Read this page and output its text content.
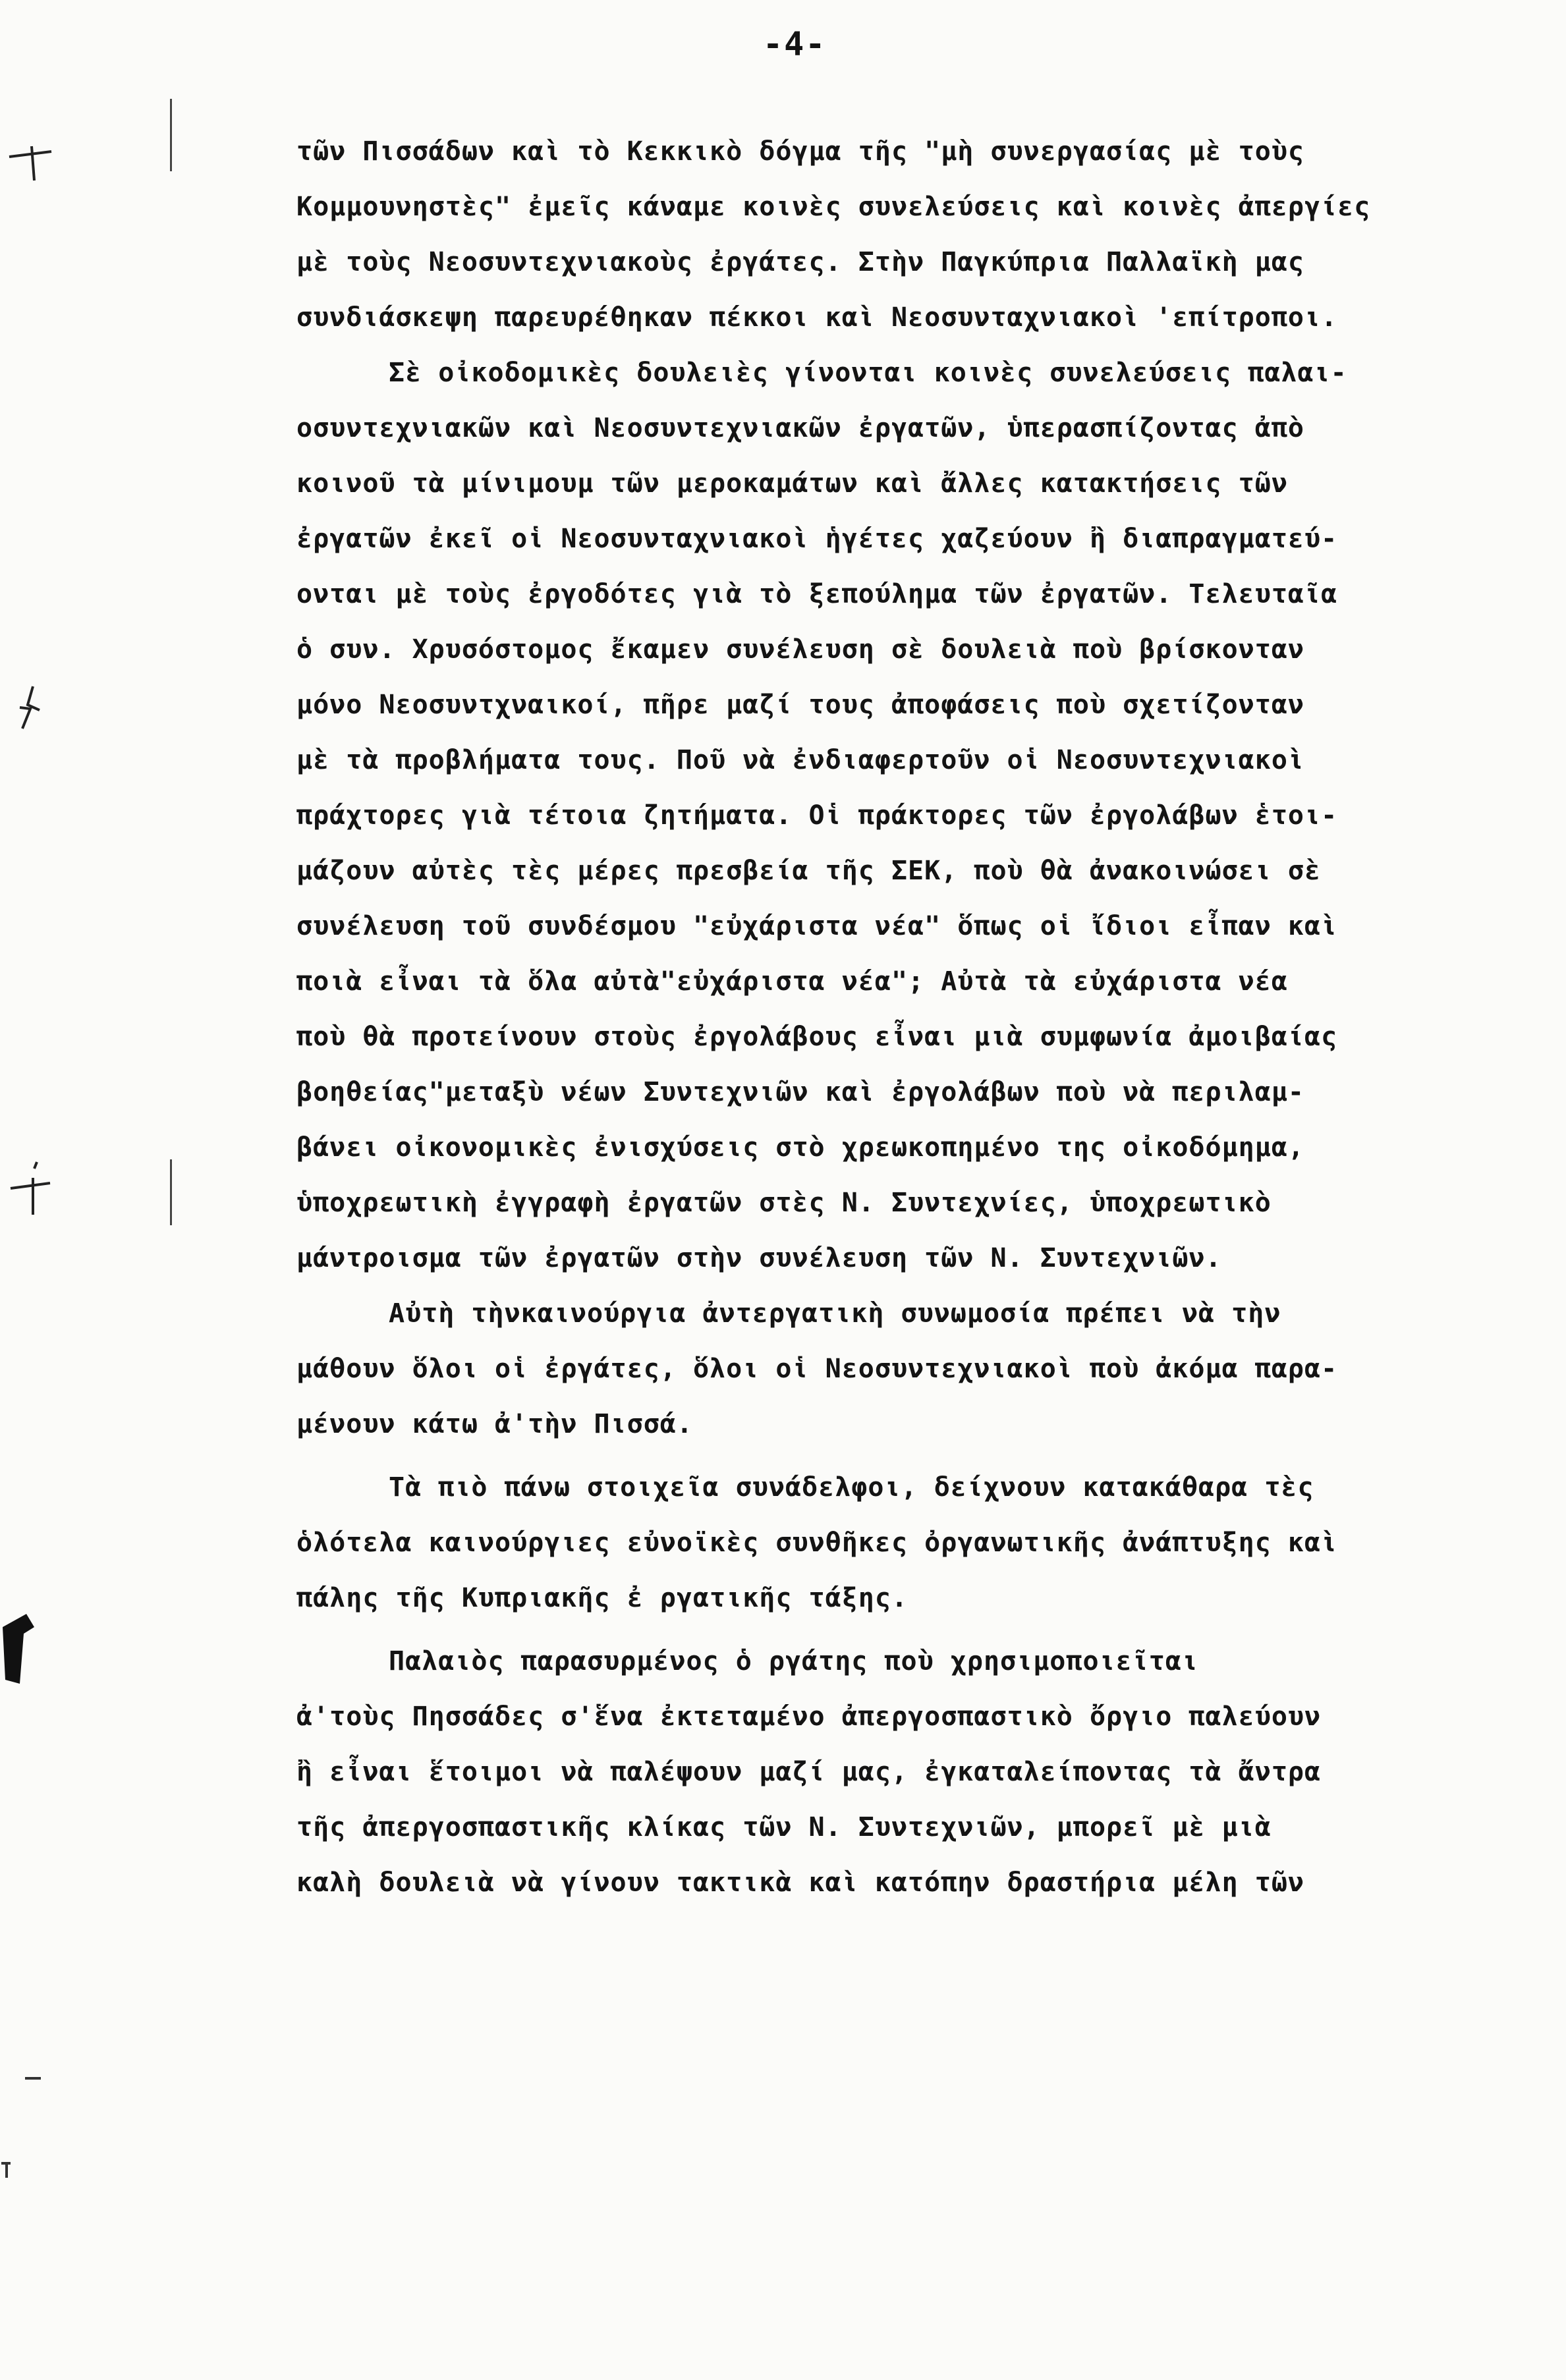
-4-
τῶν Πισσάδων καὶ τὸ Κεκκικὸ δόγμα τῆς "μὴ συνεργασίας μὲ τοὺς
Κομμουνηστὲς" ἐμεῖς κάναμε κοινὲς συνελεύσεις καὶ κοινὲς ἀπεργίες
μὲ τοὺς Νεοσυντεχνιακοὺς ἐργάτες. Στὴν Παγκύπρια Παλλαϊκὴ μας
συνδιάσκεψη παρευρέθηκαν πέκκοι καὶ Νεοσυνταχνιακοὶ 'επίτροποι.
Σὲ οἰκοδομικὲς δουλειὲς γίνονται κοινὲς συνελεύσεις παλαι-
οσυντεχνιακῶν καὶ Νεοσυντεχνιακῶν ἐργατῶν, ὑπερασπίζοντας ἀπὸ
κοινοῦ τὰ μίνιμουμ τῶν μεροκαμάτων καὶ ἄλλες κατακτήσεις τῶν
ἐργατῶν ἐκεῖ οἱ Νεοσυνταχνιακοὶ ἡγέτες χαζεύουν ἢ διαπραγματεύ-
ονται μὲ τοὺς ἐργοδότες γιὰ τὸ ξεπούλημα τῶν ἐργατῶν. Τελευταῖα
ὁ συν. Χρυσόστομος ἔκαμεν συνέλευση σὲ δουλειὰ ποὺ βρίσκονταν
μόνο Νεοσυντχναικοί, πῆρε μαζί τους ἀποφάσεις ποὺ σχετίζονταν
μὲ τὰ προβλήματα τους. Ποῦ νὰ ἐνδιαφερτοῦν οἱ Νεοσυντεχνιακοὶ
πράχτορες γιὰ τέτοια ζητήματα. Οἱ πράκτορες τῶν ἐργολάβων ἑτοι-
μάζουν αὐτὲς τὲς μέρες πρεσβεία τῆς ΣΕΚ, ποὺ θὰ ἀνακοινώσει σὲ
συνέλευση τοῦ συνδέσμου "εὐχάριστα νέα" ὅπως οἱ ἴδιοι εἶπαν καὶ
ποιὰ εἶναι τὰ ὅλα αὐτὰ"εὐχάριστα νέα"; Αὐτὰ τὰ εὐχάριστα νέα
ποὺ θὰ προτείνουν στοὺς ἐργολάβους εἶναι μιὰ συμφωνία ἀμοιβαίας
βοηθείας"μεταξὺ νέων Συντεχνιῶν καὶ ἐργολάβων ποὺ νὰ περιλαμ-
βάνει οἰκονομικὲς ἐνισχύσεις στὸ χρεωκοπημένο της οἰκοδόμημα,
ὑποχρεωτικὴ ἐγγραφὴ ἐργατῶν στὲς Ν. Συντεχνίες, ὑποχρεωτικὸ
μάντροισμα τῶν ἐργατῶν στὴν συνέλευση τῶν Ν. Συντεχνιῶν.
Αὐτὴ τὴνκαινούργια ἀντεργατικὴ συνωμοσία πρέπει νὰ τὴν
μάθουν ὅλοι οἱ ἐργάτες, ὅλοι οἱ Νεοσυντεχνιακοὶ ποὺ ἀκόμα παρα-
μένουν κάτω ἀ'τὴν Πισσά.
Τὰ πιὸ πάνω στοιχεῖα συνάδελφοι, δείχνουν κατακάθαρα τὲς
ὁλότελα καινούργιες εὐνοϊκὲς συνθῆκες ὀργανωτικῆς ἀνάπτυξης καὶ
πάλης τῆς Κυπριακῆς ἐ ργατικῆς τάξης.
Παλαιὸς παρασυρμένος ὁ ργάτης ποὺ χρησιμοποιεῖται
ἀ'τοὺς Πησσάδες σ'ἕνα ἐκτεταμένο ἀπεργοσπαστικὸ ὄργιο παλεύουν
ἢ εἶναι ἕτοιμοι νὰ παλέψουν μαζί μας, ἐγκαταλείποντας τὰ ἄντρα
τῆς ἀπεργοσπαστικῆς κλίκας τῶν Ν. Συντεχνιῶν, μπορεῖ μὲ μιὰ
καλὴ δουλειὰ νὰ γίνουν τακτικὰ καὶ κατόπην δραστήρια μέλη τῶν
